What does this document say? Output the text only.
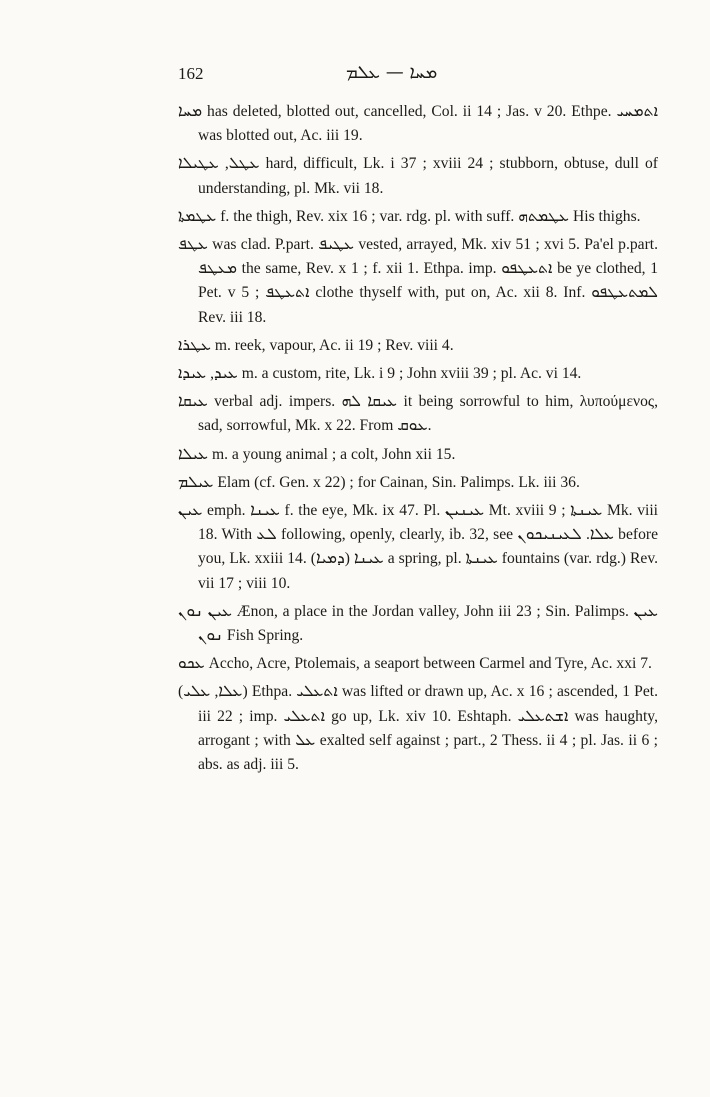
162	ܡܚܐ — ܥܠܡ

ܡܚܐ has deleted, blotted out, cancelled, Col. ii 14 ; Jas. v 20. Ethpe. ܐܬܡܚܝ was blotted out, Ac. iii 19.

ܥܛܠ, ܥܛܝܠܐ hard, difficult, Lk. i 37 ; xviii 24 ; stubborn, obtuse, dull of understanding, pl. Mk. vii 18.

ܥܛܡܬܐ f. the thigh, Rev. xix 16 ; var. rdg. pl. with suff. ܥܛܡܬܗ His thighs.

ܥܛܦ was clad. P.part. ܥܛܝܦ vested, arrayed, Mk. xiv 51 ; xvi 5. Pa'el p.part. ܡܥܛܦ the same, Rev. x 1 ; f. xii 1. Ethpa. imp. ܐܬܥܛܦܘ be ye clothed, 1 Pet. v 5 ; ܐܬܥܛܦ clothe thyself with, put on, Ac. xii 8. Inf. ܠܡܬܥܛܦܘ Rev. iii 18.

ܥܛܪܐ m. reek, vapour, Ac. ii 19 ; Rev. viii 4.

ܥܝܕ, ܥܝܕܐ m. a custom, rite, Lk. i 9 ; John xviii 39 ; pl. Ac. vi 14.

ܥܝܩܐ verbal adj. impers. ܥܝܩܐ ܠܗ it being sorrowful to him, λυπούμενος, sad, sorrowful, Mk. x 22. From ܥܘܩ.

ܥܝܠܐ m. a young animal ; a colt, John xii 15.

ܥܝܠܡ Elam (cf. Gen. x 22) ; for Cainan, Sin. Palimps. Lk. iii 36.

ܥܝܢ emph. ܥܝܢܐ f. the eye, Mk. ix 47. Pl. ܥܝܢܝܢ Mt. xviii 9 ; ܥܝܢܬܐ Mk. viii 18. With ܠܥ following, openly, clearly, ib. 32, see ܥܠܐ. ܠܥܝܢܝܟܘܢ before you, Lk. xxiii 14. ܥܝܢܐ (ܕܡܝܐ) a spring, pl. ܥܝܢܬܐ fountains (var. rdg.) Rev. vii 17 ; viii 10.

ܥܝܢ ܢܘܢ Ænon, a place in the Jordan valley, John iii 23 ; Sin. Palimps. ܥܝܢ ܢܘܢ Fish Spring.

ܥܟܘ Accho, Acre, Ptolemais, a seaport between Carmel and Tyre, Ac. xxi 7.

(ܥܠܐ, ܥܠܝ) Ethpa. ܐܬܥܠܝ was lifted or drawn up, Ac. x 16 ; ascended, 1 Pet. iii 22 ; imp. ܐܬܥܠܝ go up, Lk. xiv 10. Eshtaph. ܐܫܬܥܠܝ was haughty, arrogant ; with ܥܠ exalted self against ; part., 2 Thess. ii 4 ; pl. Jas. ii 6 ; abs. as adj. iii 5.
